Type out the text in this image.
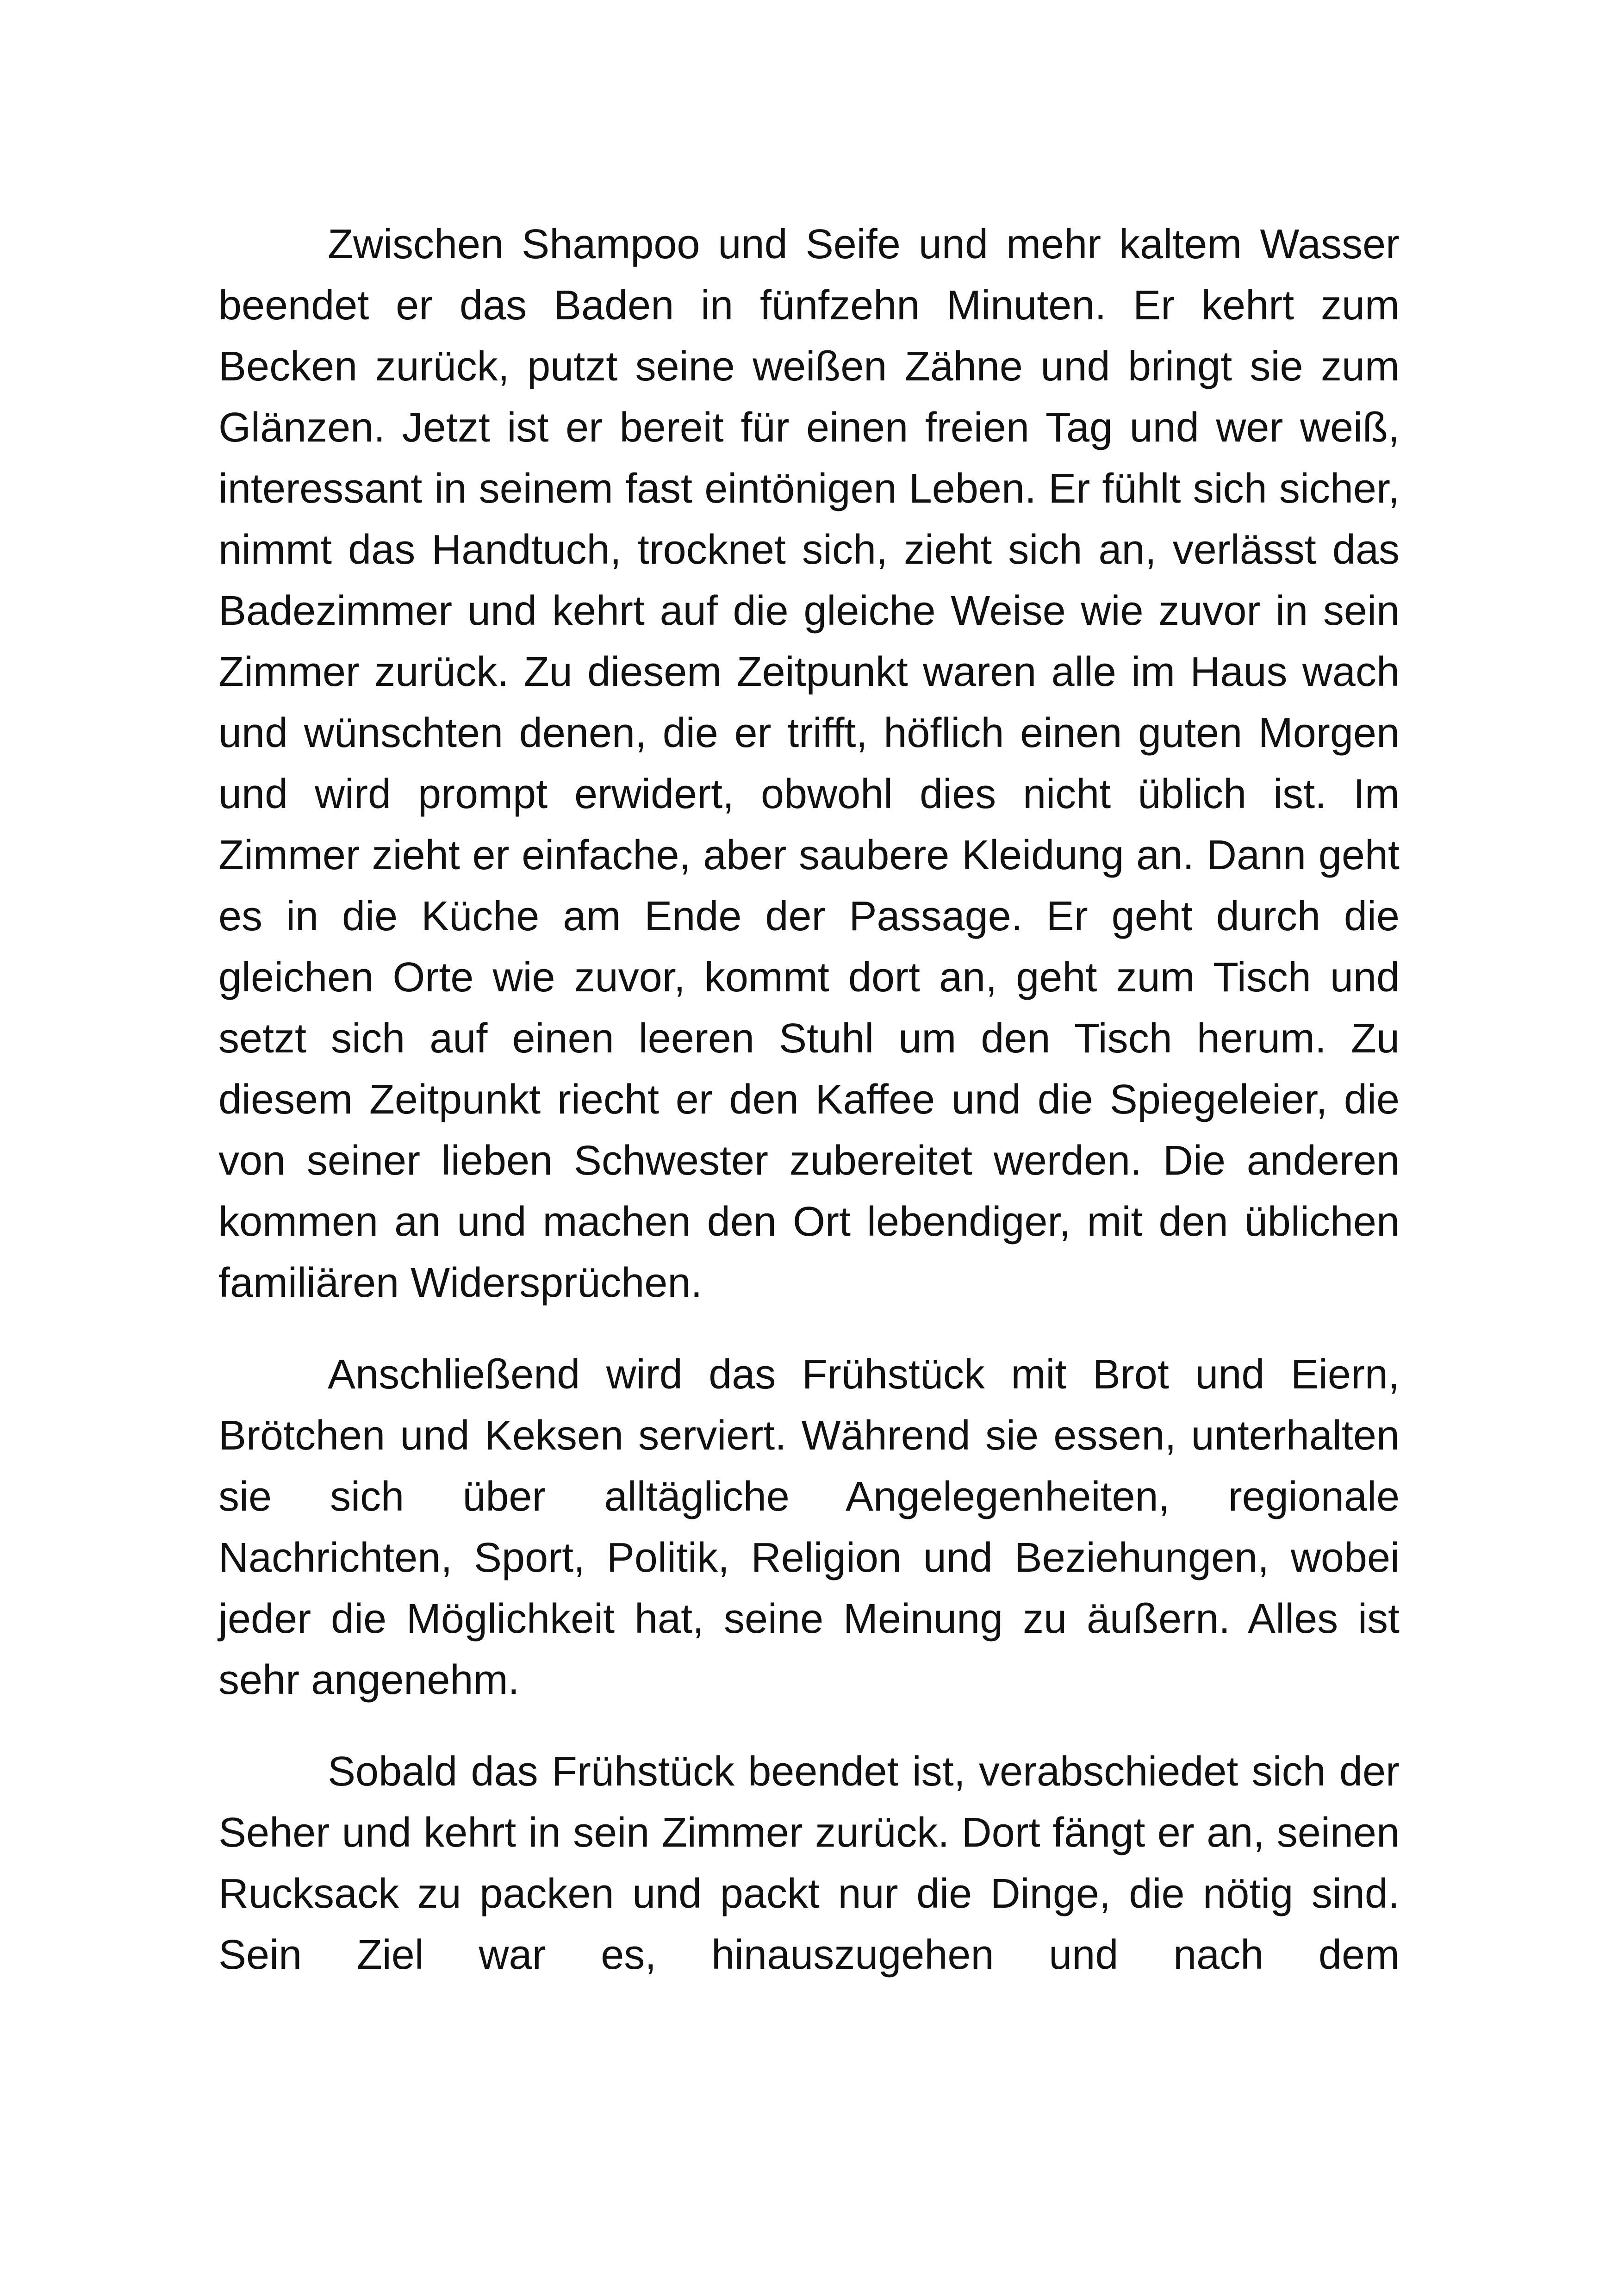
Zwischen Shampoo und Seife und mehr kaltem Wasser beendet er das Baden in fünfzehn Minuten. Er kehrt zum Becken zurück, putzt seine weißen Zähne und bringt sie zum Glänzen. Jetzt ist er bereit für einen freien Tag und wer weiß, interessant in seinem fast eintönigen Leben. Er fühlt sich sicher, nimmt das Handtuch, trocknet sich, zieht sich an, verlässt das Badezimmer und kehrt auf die gleiche Weise wie zuvor in sein Zimmer zurück. Zu diesem Zeitpunkt waren alle im Haus wach und wünschten denen, die er trifft, höflich einen guten Morgen und wird prompt erwidert, obwohl dies nicht üblich ist. Im Zimmer zieht er einfache, aber saubere Kleidung an. Dann geht es in die Küche am Ende der Passage. Er geht durch die gleichen Orte wie zuvor, kommt dort an, geht zum Tisch und setzt sich auf einen leeren Stuhl um den Tisch herum. Zu diesem Zeitpunkt riecht er den Kaffee und die Spiegeleier, die von seiner lieben Schwester zubereitet werden. Die anderen kommen an und machen den Ort lebendiger, mit den üblichen familiären Widersprüchen.

Anschließend wird das Frühstück mit Brot und Eiern, Brötchen und Keksen serviert. Während sie essen, unterhalten sie sich über alltägliche Angelegenheiten, regionale Nachrichten, Sport, Politik, Religion und Beziehungen, wobei jeder die Möglichkeit hat, seine Meinung zu äußern. Alles ist sehr angenehm.

Sobald das Frühstück beendet ist, verabschiedet sich der Seher und kehrt in sein Zimmer zurück. Dort fängt er an, seinen Rucksack zu packen und packt nur die Dinge, die nötig sind. Sein Ziel war es, hinauszugehen und nach dem
